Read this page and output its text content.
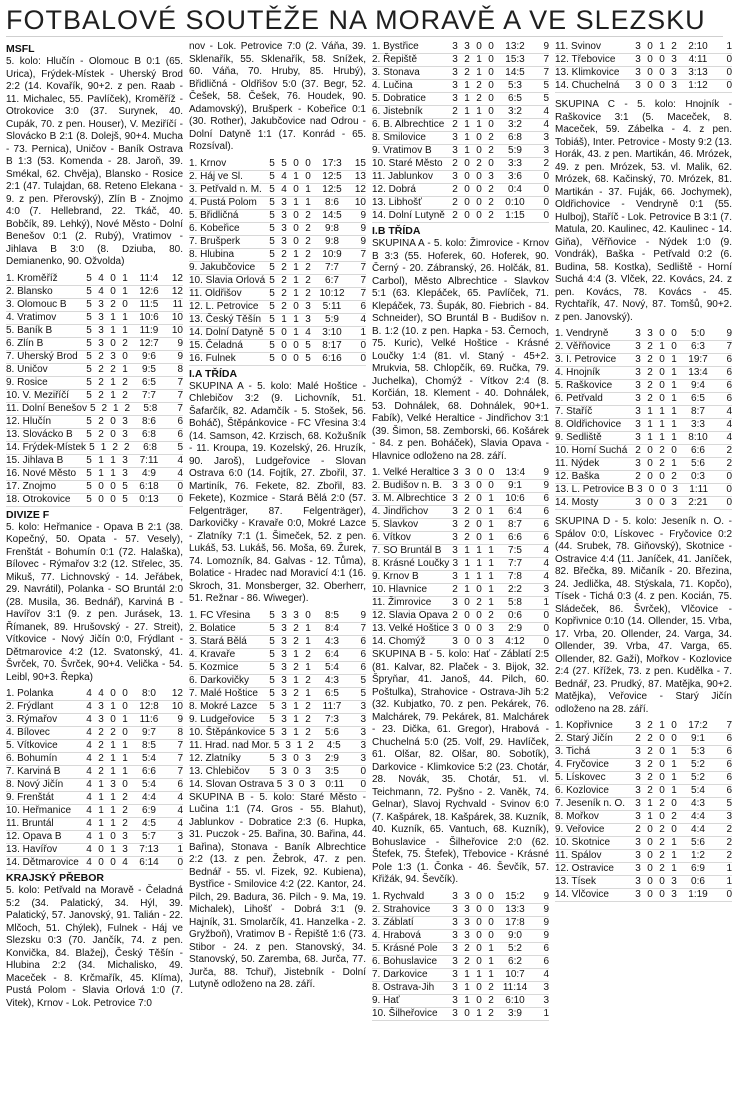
FOTBALOVÉ SOUTĚŽE NA MORAVĚ A VE SLEZSKU
MSFL
5. kolo: Hlučín - Olomouc B 0:1 (65. Urica), Frýdek-Místek - Uherský Brod 2:2 (14. Kovařík, 90+2. z pen. Raab - 11. Michalec, 55. Pavlíček), Kroměříž - Otrokovice 3:0 (37. Surynek, 40. Cupák, 70. z pen. Houser), V. Meziříčí - Slovácko B 2:1 (8. Dolejš, 90+4. Mucha - 73. Pernica), Uničov - Baník Ostrava B 1:3 (53. Komenda - 28. Jaroň, 39. Smékal, 62. Chvěja), Blansko - Rosice 2:1 (47. Tulajdan, 68. Reteno Elekana - 9. z pen. Přerovský), Zlín B - Znojmo 4:0 (7. Hellebrand, 22. Tkáč, 40. Bobčík, 89. Lehký), Nové Město - Dolní Benešov 0:1 (2. Rubý), Vratimov - Jihlava B 3:0 (8. Dziuba, 80. Demianenko, 90. Ožvolda)
1. Kroměříž	5 4 0 1	11:4	12
2. Blansko	5 4 0 1	12:6	12
3. Olomouc B	5 3 2 0	11:5	11
4. Vratimov	5 3 1 1	10:6	10
5. Baník B	5 3 1 1	11:9	10
6. Zlín B	5 3 0 2	12:7	9
7. Uherský Brod 5 2 3 0	9:6	9
8. Uničov	5 2 2 1	9:5	8
9. Rosice	5 2 1 2	6:5	7
10. V. Meziříčí	5 2 1 2	7:7	7
11. Dolní Benešov 5 2 1 2	5:8	7
12. Hlučín	5 2 0 3	8:6	6
13. Slovácko B	5 2 0 3	6:8	6
14. Frýdek-Místek 5 1 2 2	6:8	5
15. Jihlava B	5 1 1 3	7:11	4
16. Nové Město	5 1 1 3	4:9	4
17. Znojmo	5 0 0 5	6:18	0
18. Otrokovice	5 0 0 5	0:13	0
DIVIZE F
5. kolo: Heřmanice - Opava B 2:1 (38. Kopečný, 50. Opata - 57. Vesely), Frenštát - Bohumín 0:1 (72. Halaška), Bílovec - Rýmařov 3:2 (12. Střelec, 35. Mikuš, 77. Lichnovský - 14. Jeřábek, 29. Navrátil), Polanka - SO Bruntál 2:0 (28. Musila, 36. Bednář), Karviná B - Havířov 3:1 (9. z pen. Jurásek, 13. Římanek, 89. Hrušovský - 27. Streit), Vítkovice - Nový Jičín 0:0, Frýdlant - Dětmarovice 4:2 (12. Svatonský, 41. Švrček, 70. Švrček, 90+4. Velička - 54. Leibl, 90+3. Řepka)
1. Polanka	4 4 0 0	8:0	12
2. Frýdlant	4 3 1 0	12:8	10
3. Rýmařov	4 3 0 1	11:6	9
4. Bílovec	4 2 2 0	9:7	8
5. Vítkovice	4 2 1 1	8:5	7
6. Bohumín	4 2 1 1	5:4	7
7. Karviná B	4 2 1 1	6:6	7
8. Nový Jičín	4 1 3 0	5:4	6
9. Frenštát	4 1 1 2	4:4	4
10. Heřmanice	4 1 1 2	6:9	4
11. Bruntál	4 1 1 2	4:5	4
12. Opava B	4 1 0 3	5:7	3
13. Havířov	4 0 1 3	7:13	1
14. Dětmarovice 4 0 0 4	6:14	0
KRAJSKÝ PŘEBOR
5. kolo: Petřvald na Moravě - Čeladná 5:2 (34. Palatický, 34. Hýl, 39. Palatický, 57. Janovský, 91. Talián - 22. Mlčoch, 51. Chýlek), Fulnek - Háj ve Slezsku 0:3 (70. Jančík, 74. z pen. Konvička, 84. Blažej), Český Těšín - Hlubina 2:2 (34. Michalisko, 49. Maceček - 8. Krčmařík, 45. Klíma), Pustá Polom - Slavia Orlová 1:0 (7. Vitek), Krnov - Lok. Petrovice 7:0
nov - Lok. Petrovice 7:0 (2. Váňa, 39. Sklenařík, 55. Sklenařík, 58. Snížek, 60. Váňa, 70. Hruby, 85. Hrubý), Břidličná - Oldřišov 5:0 (37. Begr, 52. Češek, 58. Češek, 76. Houdek, 90. Adamovský), Brušperk - Kobeřice 0:1 (30. Rother), Jakubčovice nad Odrou - Dolní Datyně 1:1 (17. Konrád - 65. Rozsíval).
1. Krnov	5 5 0 0	17:3	15
2. Háj ve Sl.	5 4 1 0	12:5	13
3. Petřvald n. M. 5 4 0 1	12:5	12
4. Pustá Polom	5 3 1 1	8:6	10
5. Břidličná	5 3 0 2	14:5	9
6. Kobeřice	5 3 0 2	9:8	9
7. Brušperk	5 3 0 2	9:8	9
8. Hlubina	5 2 1 2	10:9	7
9. Jakubčovice	5 2 1 2	7:7	7
10. Slavia Orlová 5 2 1 2	6:7	7
11. Oldřišov	5 2 1 2 10:12	7
12. L. Petrovice	5 2 0 3	5:11	6
13. Český Těšín 5 1 1 3	5:9	4
14. Dolní Datyně 5 0 1 4	3:10	1
15. Čeladná	5 0 0 5	8:17	0
16. Fulnek	5 0 0 5	6:16	0
I.A TŘÍDA
SKUPINA A - 5. kolo: Malé Hoštice - Chlebičov 3:2 (9. Lichovník, 51. Šafarčík, 82. Adamčík - 5. Stošek, 56. Boháč), Štěpánkovice - FC Vřesina 3:4 (14. Samson, 42. Krzisch, 68. Kožušník - 11. Kroupa, 19. Kozelský, 26. Hruzík, 90. Jaroš), Ludgeřovice - Slovan Ostrava 6:0 (14. Fojtík, 27. Zbořil, 37. Martiník, 76. Fekete, 82. Zbořil, 83. Fekete), Kozmice - Stará Bělá 2:0 (57. Felgenträger, 87. Felgenträger), Darkovičky - Kravaře 0:0, Mokré Lazce - Zlatníky 7:1 (1. Šimeček, 52. z pen. Lukáš, 53. Lukáš, 56. Moša, 69. Žurek, 74. Lomozník, 84. Galvas - 12. Tůma), Bolatice - Hradec nad Moravicí 4:1 (16. Skroch, 31. Monsberger, 32. Oberherr, 51. Režnar - 86. Wiweger).
1. FC Vřesina	5 3 3 0	8:5	9
2. Bolatice	5 3 2 1	8:4	7
3. Stará Bělá	5 3 2 1	4:3	6
4. Kravaře	5 3 1 2	6:4	6
5. Kozmice	5 3 2 1	5:4	6
6. Darkovičky	5 3 1 2	4:3	5
7. Malé Hoštice	5 3 2 1	6:5	5
8. Mokré Lazce	5 3 1 2	11:7	3
9. Ludgeřovice	5 3 1 2	7:3	3
10. Štěpánkovice 5 3 1 2	5:6	3
11. Hrad. nad Mor. 5 3 1 2	4:5	3
12. Zlatníky	5 3 0 3	2:9	3
13. Chlebičov	5 3 0 3	3:5	0
14. Slovan Ostrava 5 3 0 3 0:11	0
SKUPINA B - 5. kolo: Staré Město - Lučina 1:1 (74. Gros - 55. Blahut), Jablunkov - Dobratice 2:3 (6. Hupka, 31. Puczok - 25. Bařina, 30. Bařina, 44. Bařina), Stonava - Baník Albrechtice 2:2 (13. z pen. Žebrok, 47. z pen. Bednář - 55. vl. Fizek, 92. Kubiena), Bystřice - Smilovice 4:2 (22. Kantor, 24. Pilch, 29. Badura, 36. Pilch - 9. Ma, 19. Michalek), Lihošť - Dobrá 3:1 (9. Hajník, 31. Smolarčík, 41. Hanzelka - 2. Gryžboň), Vratimov B - Řepiště 1:6 (73. Stibor - 24. z pen. Stanovský, 34. Stanovský, 50. Zaremba, 68. Jurča, 77. Jurča, 88. Tchuř), Jistebník - Dolní Lutyně odloženo na 28. září.
1. Bystřice	3 3 0 0	13:2	9
2. Řepiště	3 2 1 0	15:3	7
3. Stonava	3 2 1 0	14:5	7
4. Lučina	3 1 2 0	5:3	5
5. Dobratice	3 1 2 0	6:5	5
6. Jistebník	2 1 1 0	3:2	4
6. B. Albrechtice 2 1 1 0	3:2	4
8. Smilovice	3 1 0 2	6:8	3
9. Vratimov B	3 1 0 2	5:9	3
10. Staré Město 2 0 2 0	3:3	2
11. Jablunkov	3 0 0 3	3:6	0
12. Dobrá	2 0 0 2	0:4	0
13. Libhošť	2 0 0 2	0:10	0
14. Dolní Lutyně 2 0 0 2	1:15	0
I.B TŘÍDA
SKUPINA A - 5. kolo: Žimrovice - Krnov B 3:3 (55. Hoferek, 60. Hoferek, 90. Černý - 20. Zábranský, 26. Holčák, 81. Carbol), Město Albrechtice - Slavkov 5:1 (63. Klepáček, 65. Pavlíček, 71. Klepáček, 73. Šupák, 80. Fiebrich - 84. Schneider), SO Bruntál B - Budišov n. B. 1:2 (10. z pen. Hapka - 53. Černoch, 75. Kuric), Velké Hoštice - Krásné Loučky 1:4 (81. vl. Staný - 45+2. Mrukvia, 58. Chlopčík, 69. Ručka, 79. Juchelka), Chomýž - Vítkov 2:4 (8. Korčián, 18. Klement - 40. Dohnálek, 53. Dohnálek, 68. Dohnálek, 90+1. Fabík), Velké Heraltice - Jindřichov 3:1 (39. Šimon, 58. Zemborski, 66. Košárek - 84. z pen. Boháček), Slavia Opava - Hlavnice odloženo na 28. září.
1. Velké Heraltice 3 3 0 0	13:4	9
2. Budišov n. B.	3 3 0 0	9:1	9
3. M. Albrechtice 3 2 0 1	10:6	6
4. Jindřichov	3 2 0 1	6:4	6
5. Slavkov	3 2 0 1	8:7	6
6. Vítkov	3 2 0 1	6:6	6
7. SO Bruntál B	3 1 1 1	7:5	4
8. Krásné Loučky 3 1 1 1	7:7	4
9. Krnov B	3 1 1 1	7:8	4
10. Hlavnice	2 1 0 1	2:2	3
11. Žimrovice	3 0 2 1	5:8	1
12. Slavia Opava 2 0 0 2	0:6	0
13. Velké Hoštice 3 0 0 3	2:9	0
14. Chomýž	3 0 0 3	4:12	0
SKUPINA B - 5. kolo: Hať - Záblatí 2:5 (81. Kalvar, 82. Plaček - 3. Bijok, 32. Špryňar, 41. Janoš, 44. Pilch, 60. Poštulka), Strahovice - Ostrava-Jih 5:2 (32. Kubjatko, 70. z pen. Pekárek, 76. Malchárek, 79. Pekárek, 81. Malchárek - 23. Dička, 61. Gregor), Hrabová - Chuchelná 5:0 (25. Volf, 29. Havlíček, 61. Olšar, 82. Olšar, 80. Sobotík), Darkovice - Klimkovice 5:2 (23. Chotár, 28. Novák, 35. Chotár, 51. vl. Teichmann, 72. Pyšno - 2. Vaněk, 74. Gelnar), Slavoj Rychvald - Svinov 6:0 (7. Kašpárek, 18. Kašpárek, 38. Kuzník, 40. Kuzník, 65. Vantuch, 68. Kuzník), Bohuslavice - Šilheřovice 2:0 (62. Štefek, 75. Štefek), Třebovice - Krásné Pole 1:3 (1. Čonka - 46. Ševčík, 57. Křižák, 94. Ševčík).
1. Rychvald	3 3 0 0	15:2	9
2. Strahovice	3 3 0 0	13:3	9
3. Záblatí	3 3 0 0	17:8	9
4. Hrabová	3 3 0 0	9:0	9
5. Krásné Pole	3 2 0 1	5:2	6
6. Bohuslavice	3 2 0 1	6:2	6
7. Darkovice	3 1 1 1	10:7	4
8. Ostrava-Jih	3 1 0 2 11:14	3
9. Hať	3 1 0 2	6:10	3
10. Šilheřovice	3 0 1 2	3:9	1
11. Svinov	3 0 1 2	2:10	1
12. Třebovice	3 0 0 3	4:11	0
13. Klimkovice	3 0 0 3	3:13	0
14. Chuchelná	3 0 0 3	1:12	0
SKUPINA C - 5. kolo: Hnojník - Raškovice 3:1 (5. Maceček, 8. Maceček, 59. Zábelka - 4. z pen. Tobiáš), Inter. Petrovice - Mosty 9:2 (13. Horák, 43. z pen. Martikán, 46. Mrózek, 49. z pen. Mrózek, 53. vl. Malik, 62. Mrózek, 68. Kačinský, 70. Mrózek, 81. Martikán - 37. Fuják, 66. Jochymek), Oldřichovice - Vendryně 0:1 (55. Hulboj), Staříč - Lok. Petrovice B 3:1 (7. Matula, 20. Kaulinec, 42. Kaulinec - 14. Giňa), Věřňovice - Nýdek 1:0 (9. Vondrák), Baška - Petřvald 0:2 (6. Budina, 58. Kostka), Sedliště - Horní Suchá 4:4 (3. Vlček, 22. Kovács, 24. z pen. Kovács, 78. Kovács - 45. Rychtařík, 47. Nový, 87. Tomšů, 90+2. z pen. Janovský).
1. Vendryně	3 3 0 0	5:0	9
2. Věřňovice	3 2 1 0	6:3	7
3. I. Petrovice	3 2 0 1	19:7	6
4. Hnojník	3 2 0 1	13:4	6
5. Raškovice	3 2 0 1	9:4	6
6. Petřvald	3 2 0 1	6:5	6
7. Staříč	3 1 1 1	8:7	4
8. Oldřichovice	3 1 1 1	3:3	4
9. Sedliště	3 1 1 1	8:10	4
10. Horní Suchá 2 0 2 0	6:6	2
11. Nýdek	3 0 2 1	5:6	2
12. Baška	2 0 0 2	0:3	0
13. L. Petrovice B 3 0 0 3	1:11	0
14. Mosty	3 0 0 3	2:21	0
SKUPINA D - 5. kolo: Jeseník n. O. - Spálov 0:0, Lískovec - Fryčovice 0:2 (44. Srubek, 78. Giňovský), Skotnice - Ostravice 4:4 (11. Janíček, 41. Janíček, 82. Břečka, 89. Mičaník - 20. Březina, 24. Jedlička, 48. Stýskala, 71. Kopčo), Tísek - Tichá 0:3 (4. z pen. Kocián, 75. Sládeček, 86. Švrček), Vlčovice - Kopřivnice 0:10 (14. Ollender, 15. Vrba, 17. Vrba, 20. Ollender, 24. Varga, 34. Ollender, 39. Vrba, 47. Varga, 65. Ollender, 82. Gaži), Mořkov - Kozlovice 2:4 (27. Křížek, 73. z pen. Kudělka - 7. Bednář, 23. Prudký, 87. Matějka, 90+2. Matějka), Veřovice - Starý Jičín odloženo na 28. září.
1. Kopřivnice	3 2 1 0	17:2	7
2. Starý Jičín	2 2 0 0	9:1	6
3. Tichá	3 2 0 1	5:3	6
4. Fryčovice	3 2 0 1	5:2	6
5. Lískovec	3 2 0 1	5:2	6
6. Kozlovice	3 2 0 1	5:4	6
7. Jeseník n. O.	3 1 2 0	4:3	5
8. Mořkov	3 1 0 2	4:4	3
9. Veřovice	2 0 2 0	4:4	2
10. Skotnice	3 0 2 1	5:6	2
11. Spálov	3 0 2 1	1:2	2
12. Ostravice	3 0 2 1	6:9	1
13. Tísek	3 0 0 3	0:6	1
14. Vlčovice	3 0 0 3	1:19	0
